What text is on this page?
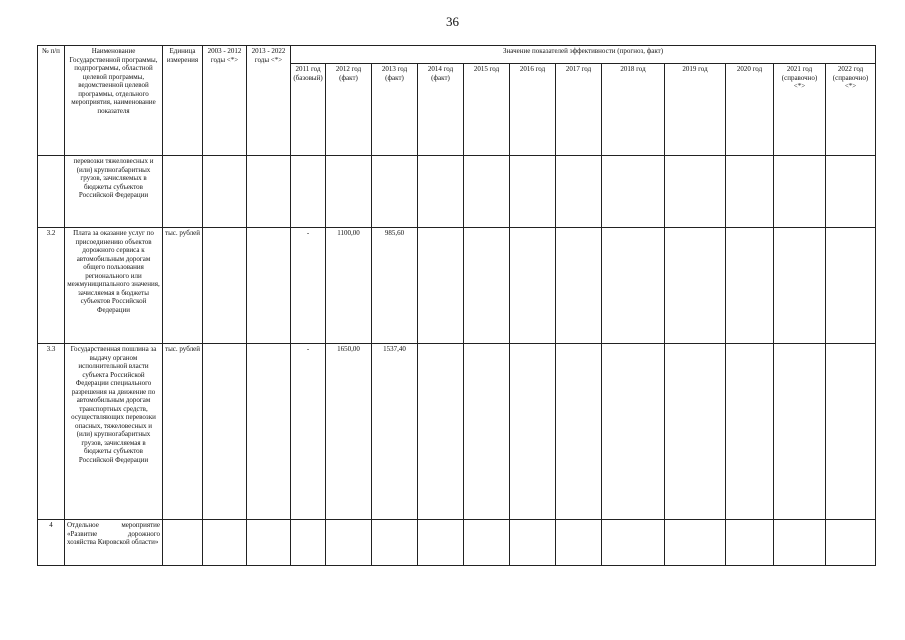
36
№ п/п	Наименование Государственной программы, подпрограммы, областной целевой программы, ведомственной целевой программы, отдельного мероприятия, наименование показателя	Единица измерения	2003 - 2012 годы <*>	2013 - 2022 годы <*>	Значение показателей эффективности (прогноз, факт)											
					2011 год (базовый)	2012 год (факт)	2013 год (факт)	2014 год (факт)	2015 год	2016 год	2017 год	2018 год	2019 год	2020 год	2021 год (справочно) <*>	2022 год (справочно) <*>
	перевозки тяжеловесных и (или) крупногабаритных грузов, зачисляемых в бюджеты субъектов Российской Федерации															
3.2	Плата за оказание услуг по присоединению объектов дорожного сервиса к автомобильным дорогам общего пользования регионального или межмуниципального значения, зачисляемая в бюджеты субъектов Российской Федерации	тыс. рублей			-	1100,00	985,60									
3.3	Государственная пошлина за выдачу органом исполнительной власти субъекта Российской Федерации специального разрешения на движение по автомобильным дорогам транспортных средств, осуществляющих перевозки опасных, тяжеловесных и (или) крупногабаритных грузов, зачисляемая в бюджеты субъектов Российской Федерации	тыс. рублей			-	1650,00	1537,40									
4	Отдельное мероприятие «Развитие дорожного хозяйства Кировской области»															
